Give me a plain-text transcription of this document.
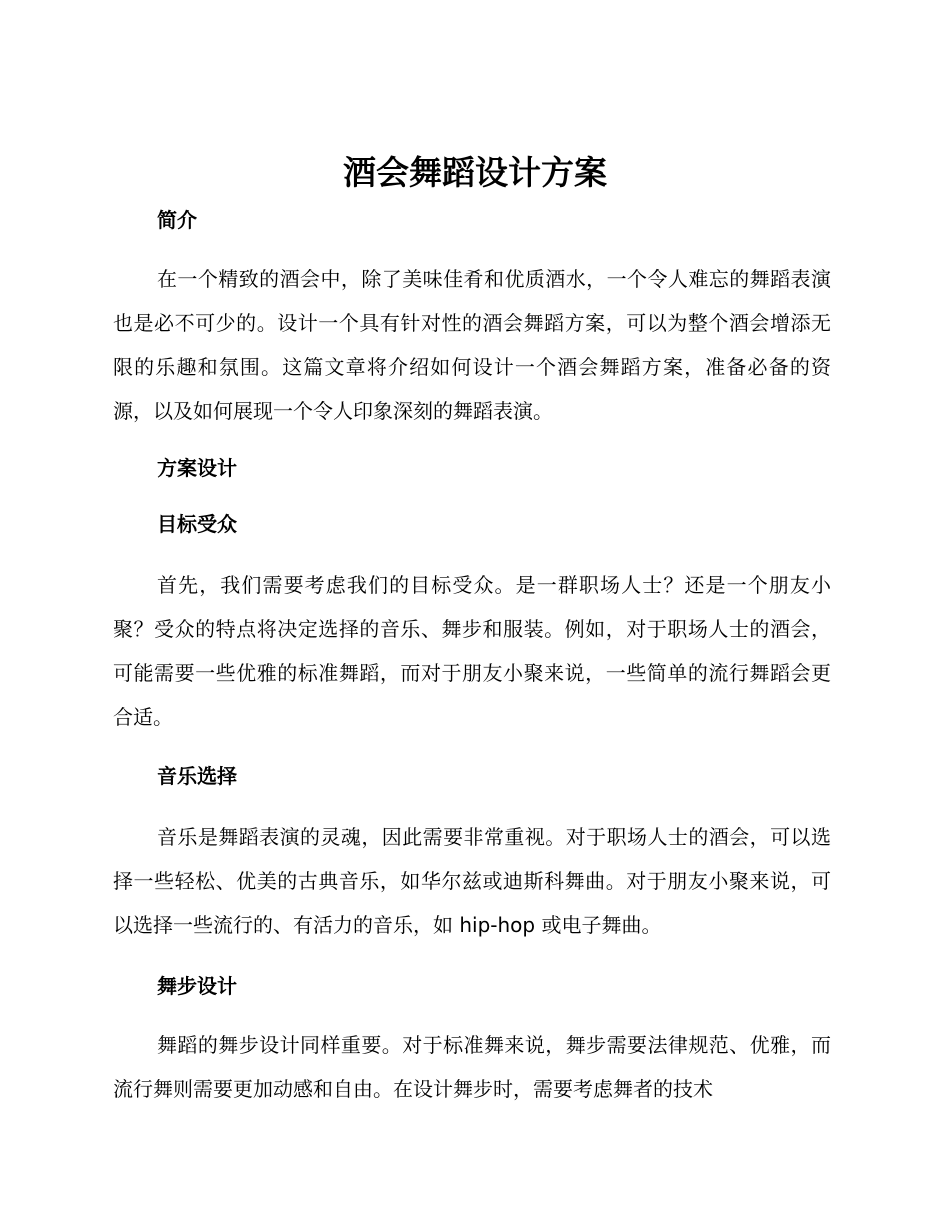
酒会舞蹈设计方案
简介

在一个精致的酒会中，除了美味佳肴和优质酒水，一个令人难忘的舞蹈表演也是必不可少的。设计一个具有针对性的酒会舞蹈方案，可以为整个酒会增添无限的乐趣和氛围。这篇文章将介绍如何设计一个酒会舞蹈方案，准备必备的资源，以及如何展现一个令人印象深刻的舞蹈表演。

方案设计
目标受众

首先，我们需要考虑我们的目标受众。是一群职场人士？还是一个朋友小聚？受众的特点将决定选择的音乐、舞步和服装。例如，对于职场人士的酒会，可能需要一些优雅的标准舞蹈，而对于朋友小聚来说，一些简单的流行舞蹈会更合适。

音乐选择

音乐是舞蹈表演的灵魂，因此需要非常重视。对于职场人士的酒会，可以选择一些轻松、优美的古典音乐，如华尔兹或迪斯科舞曲。对于朋友小聚来说，可以选择一些流行的、有活力的音乐，如 hip-hop 或电子舞曲。

舞步设计

舞蹈的舞步设计同样重要。对于标准舞来说，舞步需要法律规范、优雅，而流行舞则需要更加动感和自由。在设计舞步时，需要考虑舞者的技术
